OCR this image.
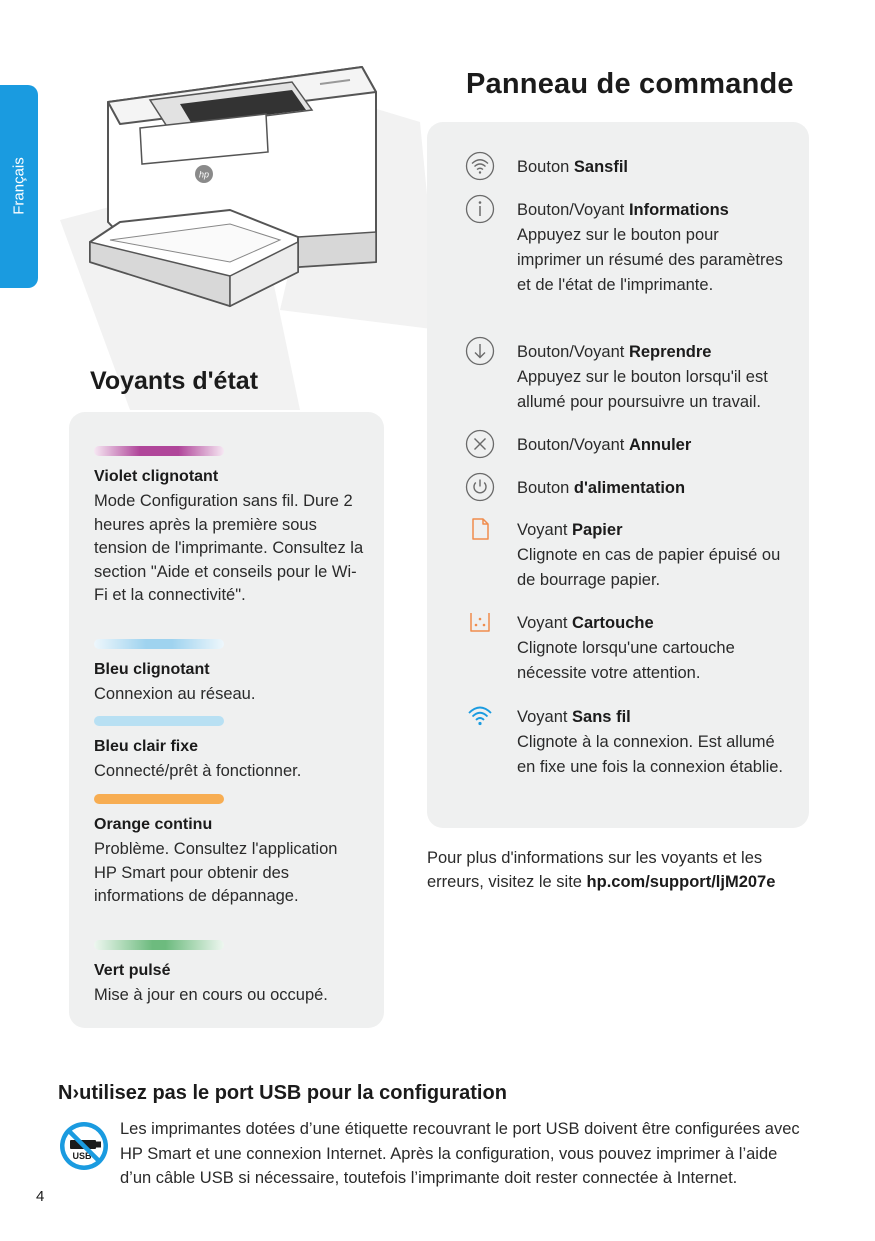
Français	hp
Panneau de commande
Voyants d'état
Bouton Sansfil
Bouton/Voyant Informations
Appuyez sur le bouton pour imprimer un résumé des paramètres et de l'état de l'imprimante.
Bouton/Voyant Reprendre
Appuyez sur le bouton lorsqu'il est allumé pour poursuivre un travail.
Bouton/Voyant Annuler
Bouton d'alimentation
Voyant Papier
Clignote en cas de papier épuisé ou de bourrage papier.
Voyant Cartouche
Clignote lorsqu'une cartouche nécessite votre attention.
Voyant Sans fil
Clignote à la connexion. Est allumé en fixe une fois la connexion établie.
Pour plus d'informations sur les voyants et les erreurs, visitez le site hp.com/support/ljM207e
Violet clignotant
Mode Configuration sans fil. Dure 2 heures après la première sous tension de l'imprimante. Consultez la section "Aide et conseils pour le Wi-Fi et la connectivité".
Bleu clignotant
Connexion au réseau.
Bleu clair fixe
Connecté/prêt à fonctionner.
Orange continu
Problème. Consultez l'application HP Smart pour obtenir des informations de dépannage.
Vert pulsé
Mise à jour en cours ou occupé.
N›utilisez pas le port USB pour la configuration
USB
Les imprimantes dotées d’une étiquette recouvrant le port USB doivent être configurées avec HP Smart et une connexion Internet. Après la configuration, vous pouvez imprimer à l’aide d’un câble USB si nécessaire, toutefois l’imprimante doit rester connectée à Internet.
4
